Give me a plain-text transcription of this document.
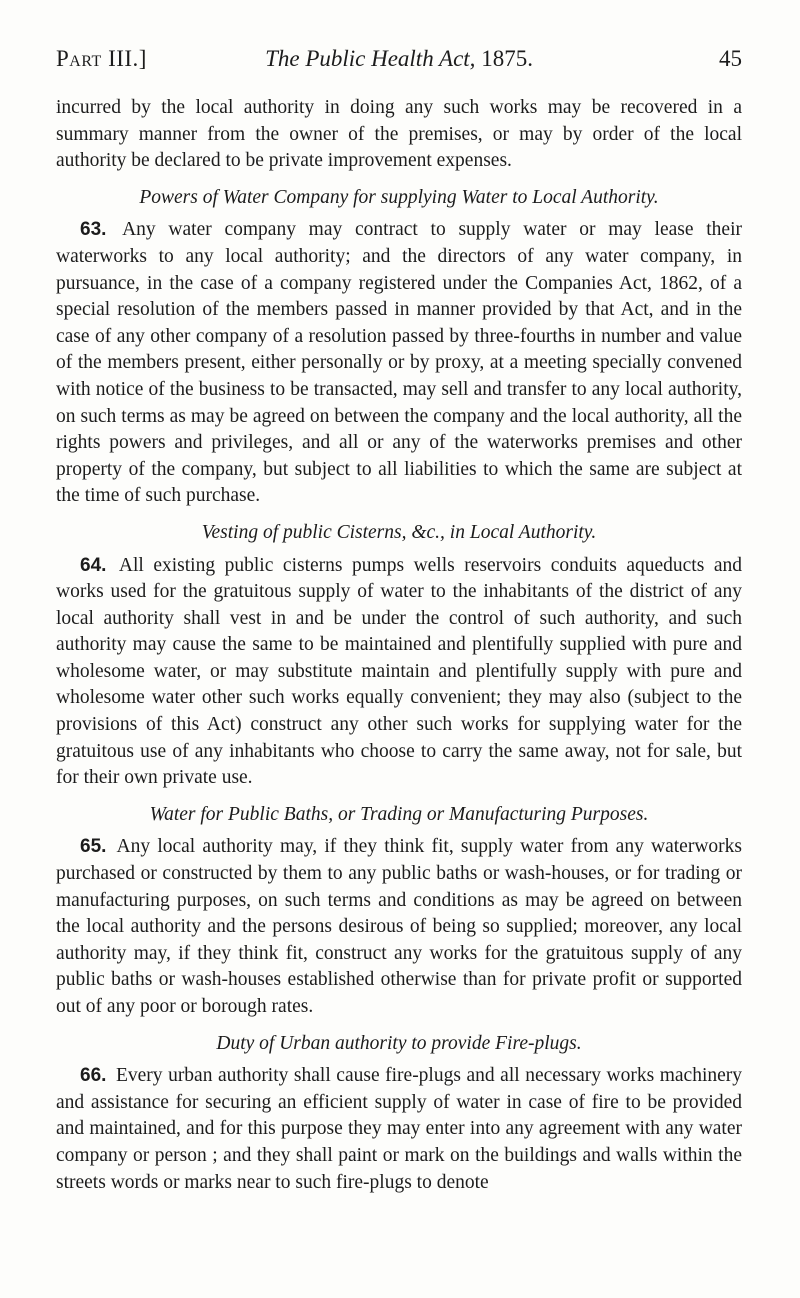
Part III.]	The Public Health Act, 1875.	45

incurred by the local authority in doing any such works may be recovered in a summary manner from the owner of the premises, or may by order of the local authority be declared to be private improvement expenses.

Powers of Water Company for supplying Water to Local Authority.

63. Any water company may contract to supply water or may lease their waterworks to any local authority; and the directors of any water company, in pursuance, in the case of a company registered under the Companies Act, 1862, of a special resolution of the members passed in manner provided by that Act, and in the case of any other company of a resolution passed by three-fourths in number and value of the members present, either personally or by proxy, at a meeting specially convened with notice of the business to be transacted, may sell and transfer to any local authority, on such terms as may be agreed on between the company and the local authority, all the rights powers and privileges, and all or any of the waterworks premises and other property of the company, but subject to all liabilities to which the same are subject at the time of such purchase.

Vesting of public Cisterns, &c., in Local Authority.

64. All existing public cisterns pumps wells reservoirs conduits aqueducts and works used for the gratuitous supply of water to the inhabitants of the district of any local authority shall vest in and be under the control of such authority, and such authority may cause the same to be maintained and plentifully supplied with pure and wholesome water, or may substitute maintain and plentifully supply with pure and wholesome water other such works equally convenient; they may also (subject to the provisions of this Act) construct any other such works for supplying water for the gratuitous use of any inhabitants who choose to carry the same away, not for sale, but for their own private use.

Water for Public Baths, or Trading or Manufacturing Purposes.

65. Any local authority may, if they think fit, supply water from any waterworks purchased or constructed by them to any public baths or wash-houses, or for trading or manufacturing purposes, on such terms and conditions as may be agreed on between the local authority and the persons desirous of being so supplied; moreover, any local authority may, if they think fit, construct any works for the gratuitous supply of any public baths or wash-houses established otherwise than for private profit or supported out of any poor or borough rates.

Duty of Urban authority to provide Fire-plugs.

66. Every urban authority shall cause fire-plugs and all necessary works machinery and assistance for securing an efficient supply of water in case of fire to be provided and maintained, and for this purpose they may enter into any agreement with any water company or person ; and they shall paint or mark on the buildings and walls within the streets words or marks near to such fire-plugs to denote
